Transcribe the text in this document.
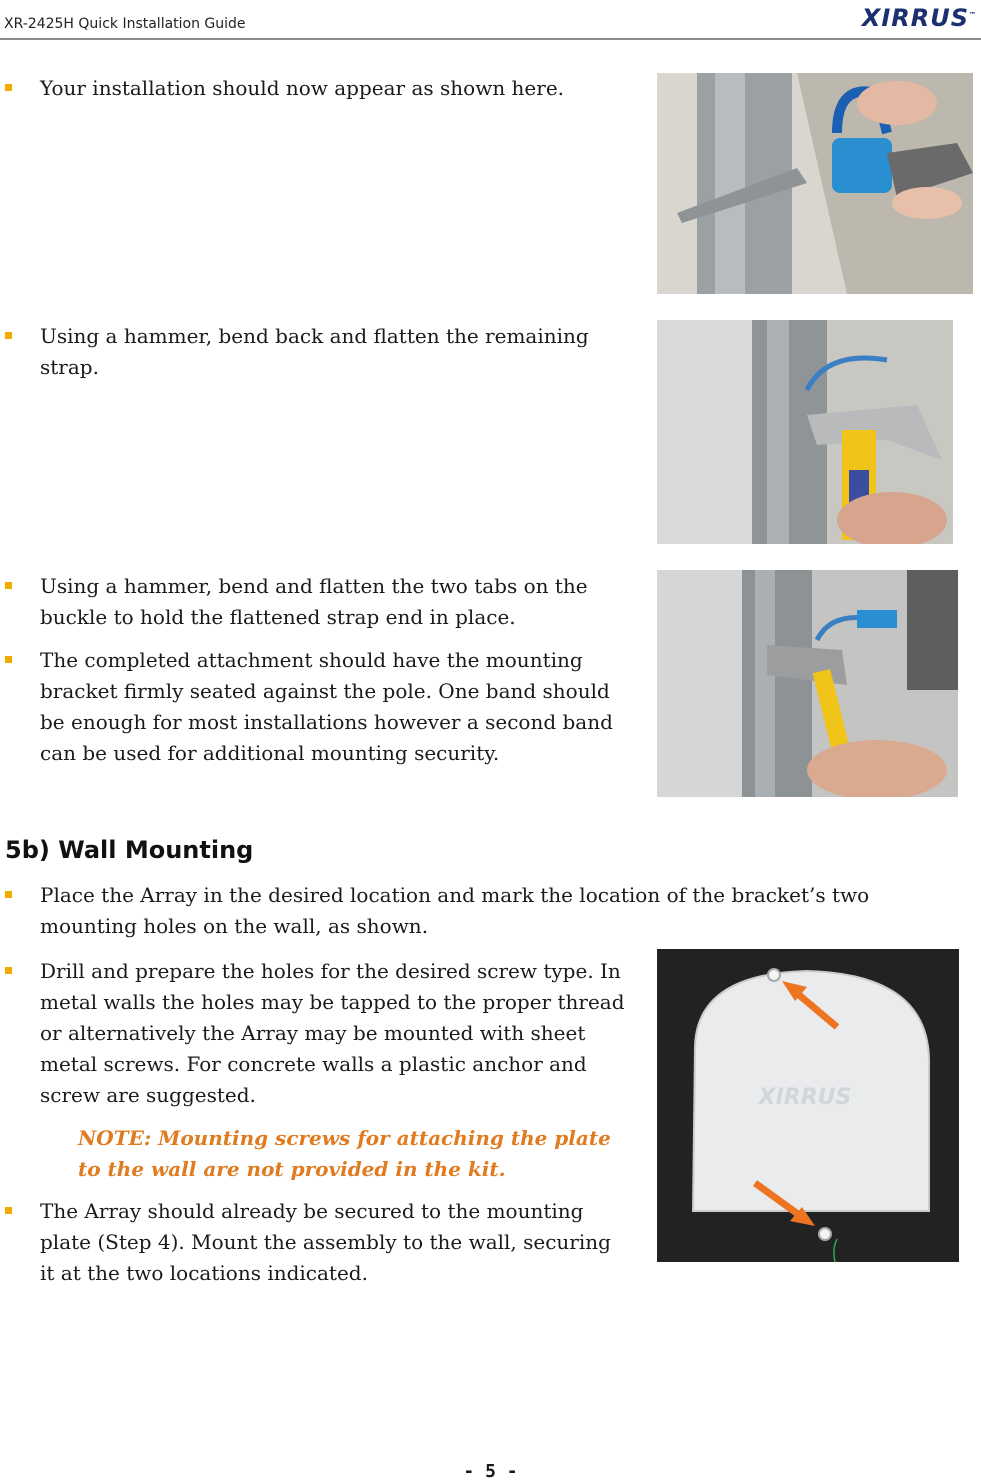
XR-2425H Quick Installation Guide	XIRRUS™
Your installation should now appear as shown here.
Using a hammer, bend back and flatten the remaining strap.
Using a hammer, bend and flatten the two tabs on the buckle to hold the flattened strap end in place.
The completed attachment should have the mounting bracket firmly seated against the pole. One band should be enough for most installations however a second band can be used for additional mounting security.
5b) Wall Mounting
Place the Array in the desired location and mark the location of the bracket’s two mounting holes on the wall, as shown.
Drill and prepare the holes for the desired screw type. In metal walls the holes may be tapped to the proper thread or alternatively the Array may be mounted with sheet metal screws. For concrete walls a plastic anchor and screw are suggested.
NOTE: Mounting screws for attaching the plate to the wall are not provided in the kit.
The Array should already be secured to the mounting plate (Step 4). Mount the assembly to the wall, securing it at the two locations indicated.
XIRRUS
- 5 -
